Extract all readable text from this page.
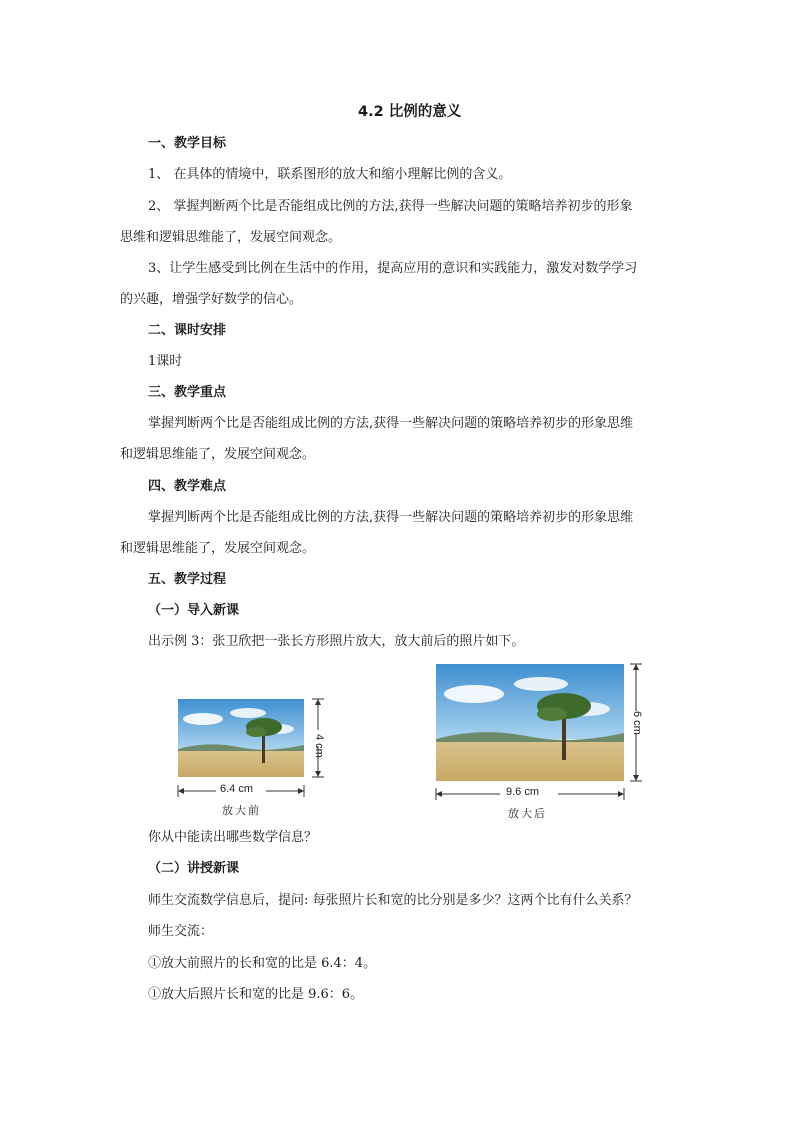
4.2 比例的意义
一、教学目标
1、 在具体的情境中，联系图形的放大和缩小理解比例的含义。
2、 掌握判断两个比是否能组成比例的方法,获得一些解决问题的策略培养初步的形象
思维和逻辑思维能了，发展空间观念。
3、让学生感受到比例在生活中的作用，提高应用的意识和实践能力，激发对数学学习
的兴趣，增强学好数学的信心。
二、课时安排
1课时
三、教学重点
掌握判断两个比是否能组成比例的方法,获得一些解决问题的策略培养初步的形象思维
和逻辑思维能了，发展空间观念。
四、教学难点
掌握判断两个比是否能组成比例的方法,获得一些解决问题的策略培养初步的形象思维
和逻辑思维能了，发展空间观念。
五、教学过程
（一）导入新课
出示例 3：张卫欣把一张长方形照片放大，放大前后的照片如下。
4 cm
6.4 cm
放大前
6 cm
9.6 cm
放大后
你从中能读出哪些数学信息？
（二）讲授新课
师生交流数学信息后，提问: 每张照片长和宽的比分别是多少？这两个比有什么关系？
师生交流：
①放大前照片的长和宽的比是 6.4：4。
①放大后照片长和宽的比是 9.6：6。
